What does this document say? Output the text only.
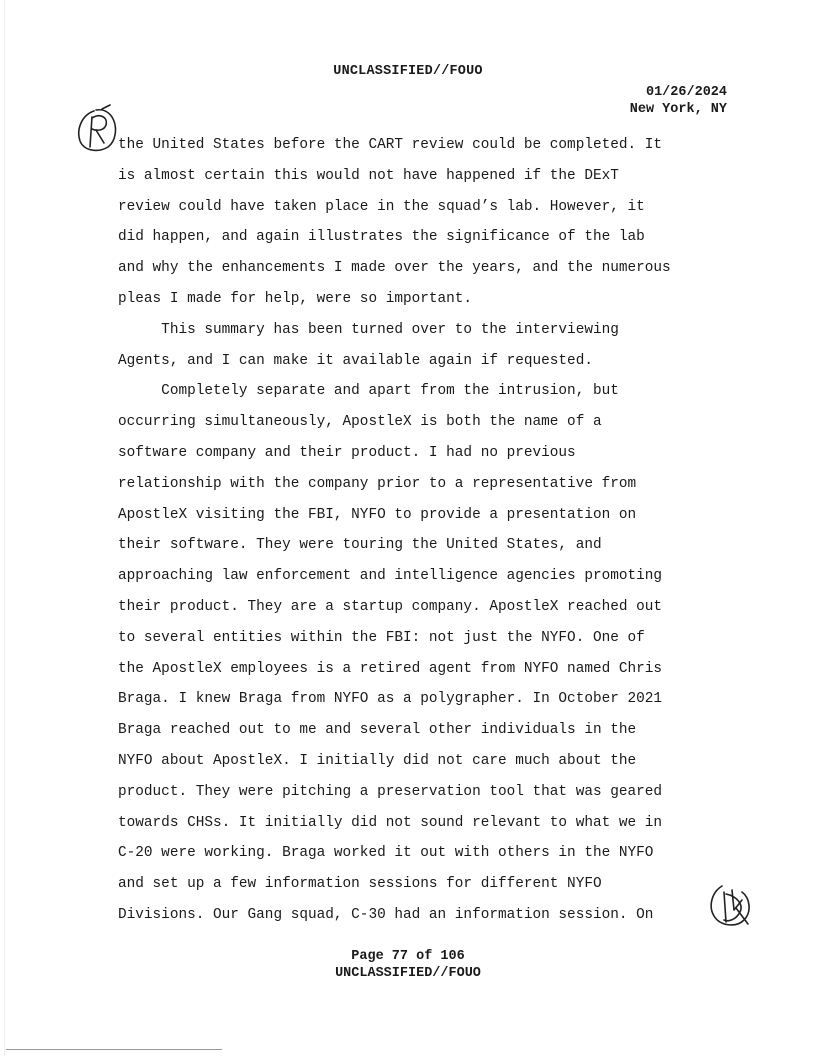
UNCLASSIFIED//FOUO
01/26/2024
New York, NY

the United States before the CART review could be completed. It

is almost certain this would not have happened if the DExT

review could have taken place in the squad’s lab. However, it

did happen, and again illustrates the significance of the lab

and why the enhancements I made over the years, and the numerous

pleas I made for help, were so important.

This summary has been turned over to the interviewing

Agents, and I can make it available again if requested.

Completely separate and apart from the intrusion, but

occurring simultaneously, ApostleX is both the name of a

software company and their product. I had no previous

relationship with the company prior to a representative from

ApostleX visiting the FBI, NYFO to provide a presentation on

their software. They were touring the United States, and

approaching law enforcement and intelligence agencies promoting

their product. They are a startup company. ApostleX reached out

to several entities within the FBI: not just the NYFO. One of

the ApostleX employees is a retired agent from NYFO named Chris

Braga. I knew Braga from NYFO as a polygrapher. In October 2021

Braga reached out to me and several other individuals in the

NYFO about ApostleX. I initially did not care much about the

product. They were pitching a preservation tool that was geared

towards CHSs. It initially did not sound relevant to what we in

C-20 were working. Braga worked it out with others in the NYFO

and set up a few information sessions for different NYFO

Divisions. Our Gang squad, C-30 had an information session. On

Page 77 of 106
UNCLASSIFIED//FOUO
